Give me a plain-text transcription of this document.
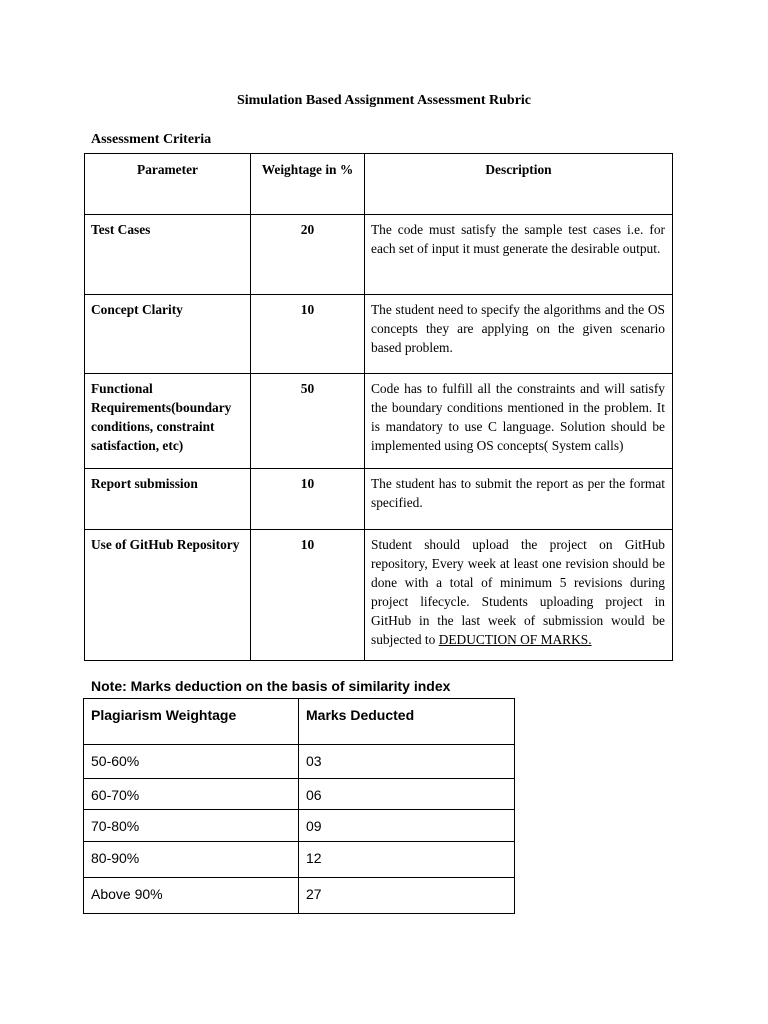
Simulation Based Assignment Assessment Rubric
Assessment Criteria
Parameter	Weightage in %	Description
Test Cases	20	The code must satisfy the sample test cases i.e. for each set of input it must generate the desirable output.
Concept Clarity	10	The student need to specify the algorithms and the OS concepts they are applying on the given scenario based problem.
Functional Requirements(boundary conditions, constraint satisfaction, etc)	50	Code has to fulfill all the constraints and will satisfy the boundary conditions mentioned in the problem. It is mandatory to use C language. Solution should be implemented using OS concepts( System calls)
Report submission	10	The student has to submit the report as per the format specified.
Use of GitHub Repository	10	Student should upload the project on GitHub repository, Every week at least one revision should be done with a total of minimum 5 revisions during project lifecycle. Students uploading project in GitHub in the last week of submission would be subjected to DEDUCTION OF MARKS.
Note: Marks deduction on the basis of similarity index
Plagiarism Weightage	Marks Deducted
50-60%	03
60-70%	06
70-80%	09
80-90%	12
Above 90%	27
